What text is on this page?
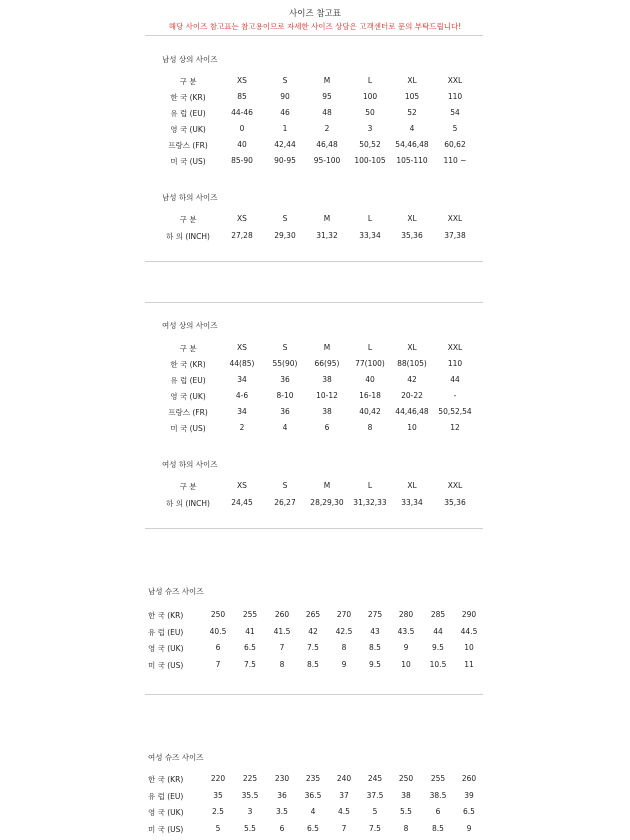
사이즈 참고표
해당 사이즈 참고표는 참고용이므로 자세한 사이즈 상담은 고객센터로 문의 부탁드립니다!
남성 상의 사이즈
구 분	XS	S	M	L	XL	XXL
한 국 (KR)	85	90	95	100	105	110
유 럽 (EU)	44-46	46	48	50	52	54
영 국 (UK)	0	1	2	3	4	5
프랑스 (FR)	40	42,44	46,48	50,52	54,46,48	60,62
미 국 (US)	85-90	90-95	95-100	100-105	105-110	110 ~
남성 하의 사이즈
구 분	XS	S	M	L	XL	XXL
하 의 (INCH)	27,28	29,30	31,32	33,34	35,36	37,38
여성 상의 사이즈
구 분	XS	S	M	L	XL	XXL
한 국 (KR)	44(85)	55(90)	66(95)	77(100)	88(105)	110
유 럽 (EU)	34	36	38	40	42	44
영 국 (UK)	4-6	8-10	10-12	16-18	20-22	-
프랑스 (FR)	34	36	38	40,42	44,46,48	50,52,54
미 국 (US)	2	4	6	8	10	12
여성 하의 사이즈
구 분	XS	S	M	L	XL	XXL
하 의 (INCH)	24,45	26,27	28,29,30	31,32,33	33,34	35,36
남성 슈즈 사이즈
한 국 (KR)	250	255	260	265	270	275	280	285	290
유 럽 (EU)	40.5	41	41.5	42	42.5	43	43.5	44	44.5
영 국 (UK)	6	6.5	7	7.5	8	8.5	9	9.5	10
미 국 (US)	7	7.5	8	8.5	9	9.5	10	10.5	11
여성 슈즈 사이즈
한 국 (KR)	220	225	230	235	240	245	250	255	260
유 럽 (EU)	35	35.5	36	36.5	37	37.5	38	38.5	39
영 국 (UK)	2.5	3	3.5	4	4.5	5	5.5	6	6.5
미 국 (US)	5	5.5	6	6.5	7	7.5	8	8.5	9
